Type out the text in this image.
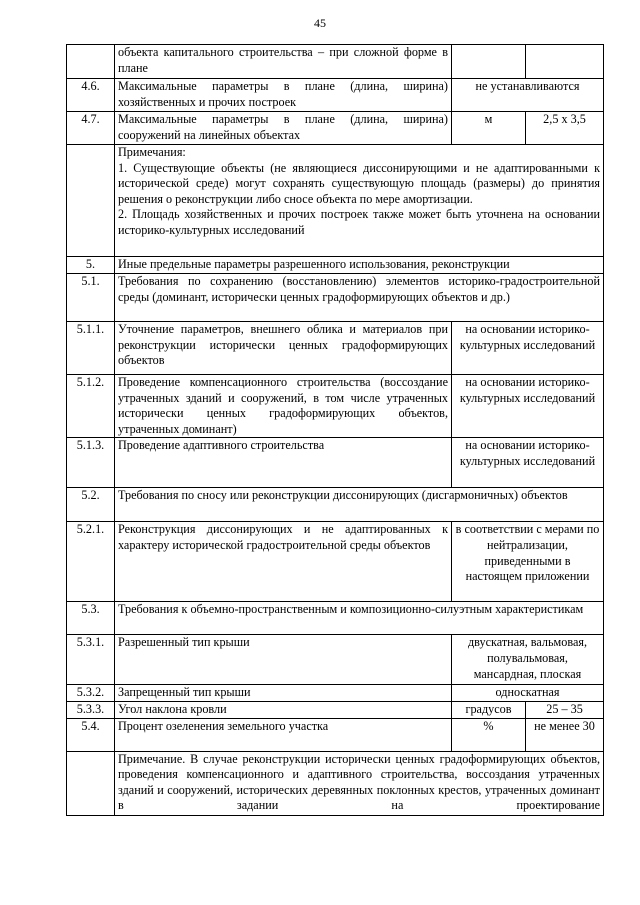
45
	объекта капитального строительства – при сложной форме в плане		
4.6.	Максимальные параметры в плане (длина, ширина) хозяйственных и прочих построек	не устанавливаются	
4.7.	Максимальные параметры в плане (длина, ширина) сооружений на линейных объектах	м	2,5 х 3,5

	Примечания:
1. Существующие объекты (не являющиеся диссонирующими и не адаптированными к исторической среде) могут сохранять существующую площадь (размеры) до принятия решения о реконструкции либо сносе объекта по мере амортизации.
2. Площадь хозяйственных и прочих построек также может быть уточнена на основании историко-культурных исследований		

5.	Иные предельные параметры разрешенного использования, реконструкции		
5.1.	Требования по сохранению (восстановлению) элементов историко-градостроительной среды (доминант, исторически ценных градоформирующих объектов и др.)		
5.1.1.	Уточнение параметров, внешнего облика и материалов при реконструкции исторически ценных градоформирующих объектов	на основании историко-культурных исследований	
5.1.2.	Проведение компенсационного строительства (воссоздание утраченных зданий и сооружений, в том числе утраченных исторически ценных градоформирующих объектов, утраченных доминант)	на основании историко-культурных исследований	
5.1.3.	Проведение адаптивного строительства	на основании историко-культурных исследований	
5.2.	Требования по сносу или реконструкции диссонирующих (дисгармоничных) объектов		
5.2.1.	Реконструкция диссонирующих и не адаптированных к характеру исторической градостроительной среды объектов	в соответствии с мерами по нейтрализации, приведенными в настоящем приложении	
5.3.	Требования к объемно-пространственным и композиционно-силуэтным характеристикам		
5.3.1.	Разрешенный тип крыши	двускатная, вальмовая, полувальмовая, мансардная, плоская	
5.3.2.	Запрещенный тип крыши	односкатная	
5.3.3.	Угол наклона кровли	градусов	25 – 35
5.4.	Процент озеленения земельного участка	%	не менее 30
	Примечание. В случае реконструкции исторически ценных градоформирующих объектов, проведения компенсационного и адаптивного строительства, воссоздания утраченных зданий и сооружений, исторических деревянных поклонных крестов, утраченных доминант в задании на проектирование		
